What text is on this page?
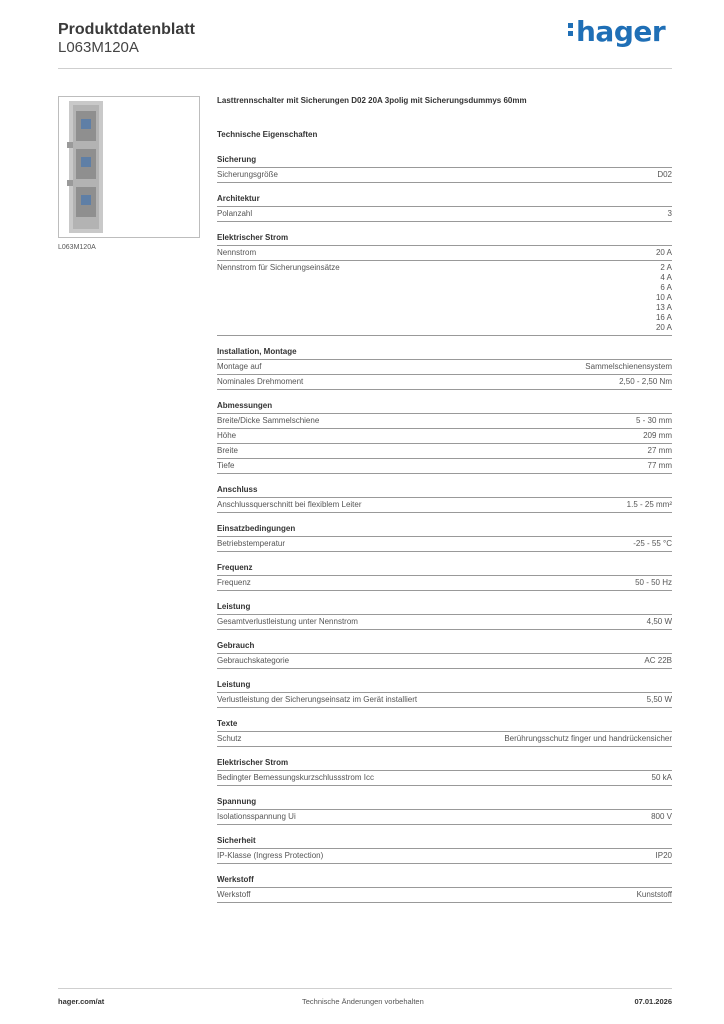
Produktdatenblatt
L063M120A	hager
L063M120A
Lasttrennschalter mit Sicherungen D02 20A 3polig mit Sicherungsdummys 60mm
Technische Eigenschaften
Sicherung
Sicherungsgröße	D02
Architektur
Polanzahl	3
Elektrischer Strom
Nennstrom	20 A
Nennstrom für Sicherungseinsätze	2 A
4 A
6 A
10 A
13 A
16 A
20 A
Installation, Montage
Montage auf	Sammelschienensystem
Nominales Drehmoment	2,50 - 2,50 Nm
Abmessungen
Breite/Dicke Sammelschiene	5 - 30 mm
Höhe	209 mm
Breite	27 mm
Tiefe	77 mm
Anschluss
Anschlussquerschnitt bei flexiblem Leiter	1.5 - 25 mm²
Einsatzbedingungen
Betriebstemperatur	-25 - 55 °C
Frequenz
Frequenz	50 - 50 Hz
Leistung
Gesamtverlustleistung unter Nennstrom	4,50 W
Gebrauch
Gebrauchskategorie	AC 22B
Leistung
Verlustleistung der Sicherungseinsatz im Gerät installiert	5,50 W
Texte
Schutz	Berührungsschutz finger und handrückensicher
Elektrischer Strom
Bedingter Bemessungskurzschlussstrom Icc	50 kA
Spannung
Isolationsspannung Ui	800 V
Sicherheit
IP-Klasse (Ingress Protection)	IP20
Werkstoff
Werkstoff	Kunststoff
hager.com/at	Technische Änderungen vorbehalten	07.01.2026
